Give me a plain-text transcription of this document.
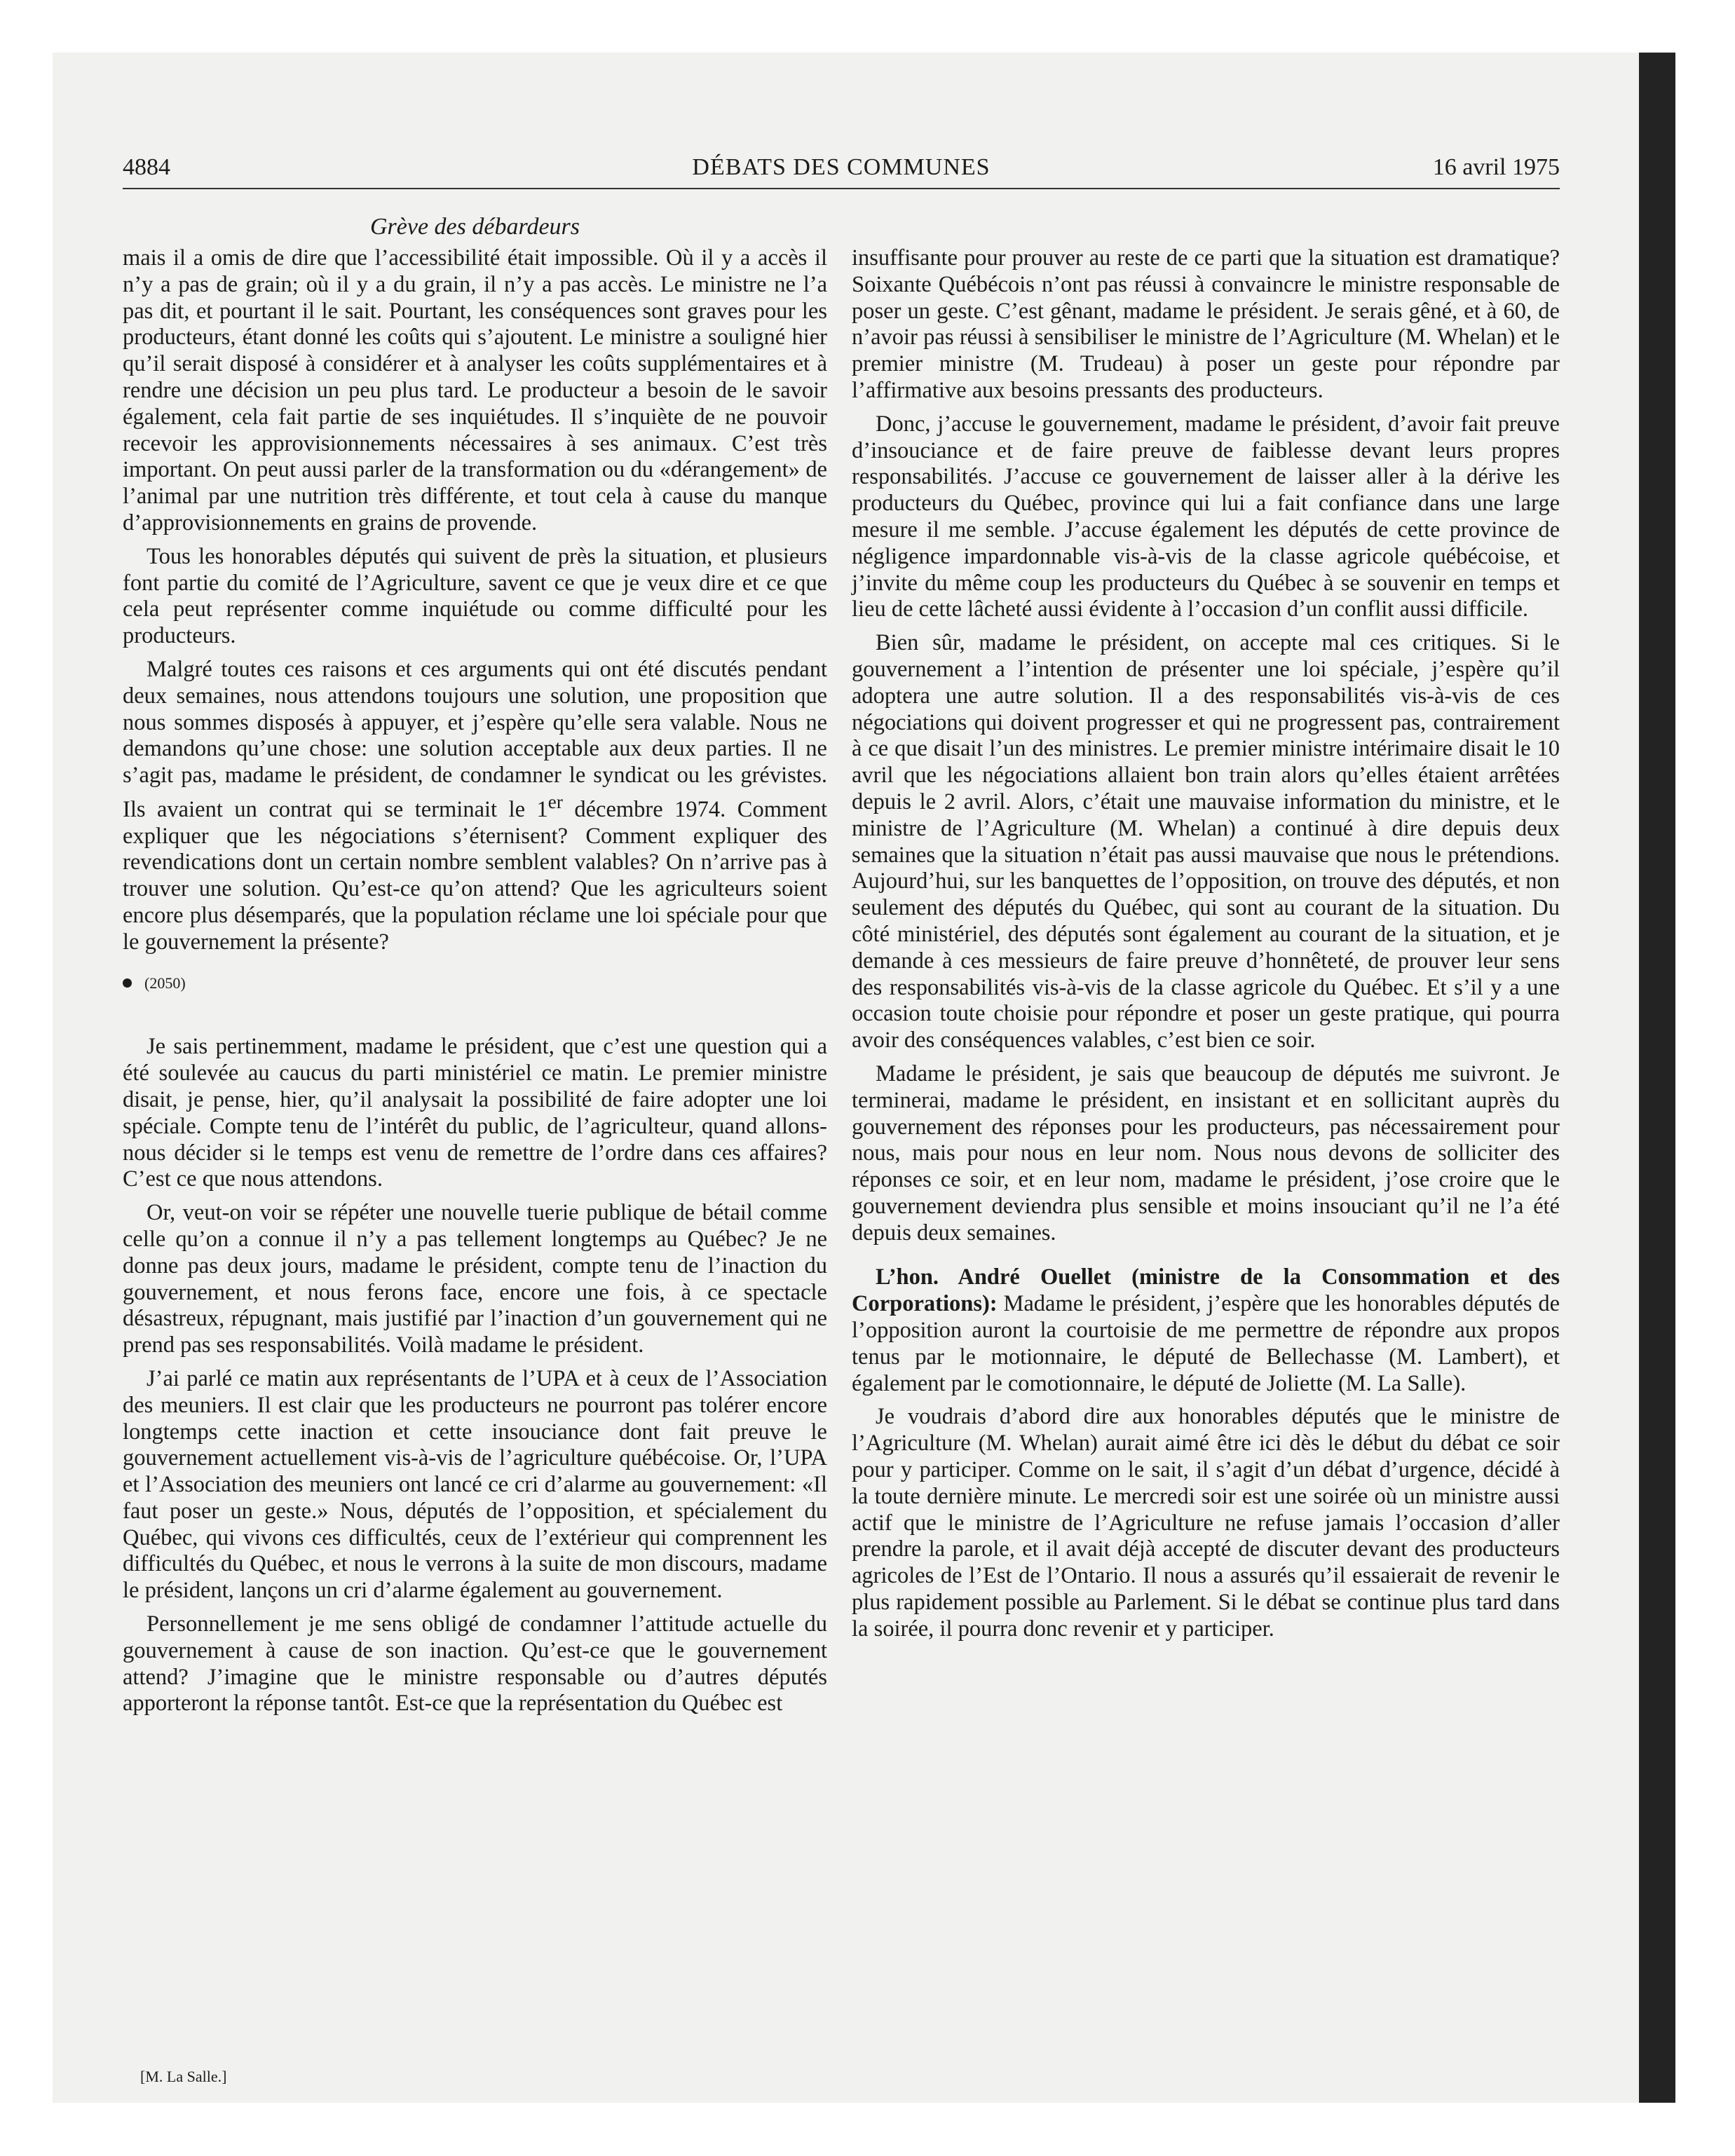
4884	DÉBATS DES COMMUNES	16 avril 1975
Grève des débardeurs

mais il a omis de dire que l’accessibilité était impossible. Où il y a accès il n’y a pas de grain; où il y a du grain, il n’y a pas accès. Le ministre ne l’a pas dit, et pourtant il le sait. Pourtant, les conséquences sont graves pour les producteurs, étant donné les coûts qui s’ajoutent. Le ministre a souligné hier qu’il serait disposé à considérer et à analyser les coûts supplémentaires et à rendre une décision un peu plus tard. Le producteur a besoin de le savoir également, cela fait partie de ses inquiétudes. Il s’inquiète de ne pouvoir recevoir les approvisionnements nécessaires à ses animaux. C’est très important. On peut aussi parler de la transformation ou du «dérangement» de l’animal par une nutrition très différente, et tout cela à cause du manque d’approvisionnements en grains de provende.

Tous les honorables députés qui suivent de près la situation, et plusieurs font partie du comité de l’Agriculture, savent ce que je veux dire et ce que cela peut représenter comme inquiétude ou comme difficulté pour les producteurs.

Malgré toutes ces raisons et ces arguments qui ont été discutés pendant deux semaines, nous attendons toujours une solution, une proposition que nous sommes disposés à appuyer, et j’espère qu’elle sera valable. Nous ne demandons qu’une chose: une solution acceptable aux deux parties. Il ne s’agit pas, madame le président, de condamner le syndicat ou les grévistes. Ils avaient un contrat qui se terminait le 1er décembre 1974. Comment expliquer que les négociations s’éternisent? Comment expliquer des revendications dont un certain nombre semblent valables? On n’arrive pas à trouver une solution. Qu’est-ce qu’on attend? Que les agriculteurs soient encore plus désemparés, que la population réclame une loi spéciale pour que le gouvernement la présente?

(2050)

Je sais pertinemment, madame le président, que c’est une question qui a été soulevée au caucus du parti ministériel ce matin. Le premier ministre disait, je pense, hier, qu’il analysait la possibilité de faire adopter une loi spéciale. Compte tenu de l’intérêt du public, de l’agriculteur, quand allons-nous décider si le temps est venu de remettre de l’ordre dans ces affaires? C’est ce que nous attendons.

Or, veut-on voir se répéter une nouvelle tuerie publique de bétail comme celle qu’on a connue il n’y a pas tellement longtemps au Québec? Je ne donne pas deux jours, madame le président, compte tenu de l’inaction du gouvernement, et nous ferons face, encore une fois, à ce spectacle désastreux, répugnant, mais justifié par l’inaction d’un gouvernement qui ne prend pas ses responsabilités. Voilà madame le président.

J’ai parlé ce matin aux représentants de l’UPA et à ceux de l’Association des meuniers. Il est clair que les producteurs ne pourront pas tolérer encore longtemps cette inaction et cette insouciance dont fait preuve le gouvernement actuellement vis-à-vis de l’agriculture québécoise. Or, l’UPA et l’Association des meuniers ont lancé ce cri d’alarme au gouvernement: «Il faut poser un geste.» Nous, députés de l’opposition, et spécialement du Québec, qui vivons ces difficultés, ceux de l’extérieur qui comprennent les difficultés du Québec, et nous le verrons à la suite de mon discours, madame le président, lançons un cri d’alarme également au gouvernement.

Personnellement je me sens obligé de condamner l’attitude actuelle du gouvernement à cause de son inaction. Qu’est-ce que le gouvernement attend? J’imagine que le ministre responsable ou d’autres députés apporteront la réponse tantôt. Est-ce que la représentation du Québec est

insuffisante pour prouver au reste de ce parti que la situation est dramatique? Soixante Québécois n’ont pas réussi à convaincre le ministre responsable de poser un geste. C’est gênant, madame le président. Je serais gêné, et à 60, de n’avoir pas réussi à sensibiliser le ministre de l’Agriculture (M. Whelan) et le premier ministre (M. Trudeau) à poser un geste pour répondre par l’affirmative aux besoins pressants des producteurs.

Donc, j’accuse le gouvernement, madame le président, d’avoir fait preuve d’insouciance et de faire preuve de faiblesse devant leurs propres responsabilités. J’accuse ce gouvernement de laisser aller à la dérive les producteurs du Québec, province qui lui a fait confiance dans une large mesure il me semble. J’accuse également les députés de cette province de négligence impardonnable vis-à-vis de la classe agricole québécoise, et j’invite du même coup les producteurs du Québec à se souvenir en temps et lieu de cette lâcheté aussi évidente à l’occasion d’un conflit aussi difficile.

Bien sûr, madame le président, on accepte mal ces critiques. Si le gouvernement a l’intention de présenter une loi spéciale, j’espère qu’il adoptera une autre solution. Il a des responsabilités vis-à-vis de ces négociations qui doivent progresser et qui ne progressent pas, contrairement à ce que disait l’un des ministres. Le premier ministre intérimaire disait le 10 avril que les négociations allaient bon train alors qu’elles étaient arrêtées depuis le 2 avril. Alors, c’était une mauvaise information du ministre, et le ministre de l’Agriculture (M. Whelan) a continué à dire depuis deux semaines que la situation n’était pas aussi mauvaise que nous le prétendions. Aujourd’hui, sur les banquettes de l’opposition, on trouve des députés, et non seulement des députés du Québec, qui sont au courant de la situation. Du côté ministériel, des députés sont également au courant de la situation, et je demande à ces messieurs de faire preuve d’honnêteté, de prouver leur sens des responsabilités vis-à-vis de la classe agricole du Québec. Et s’il y a une occasion toute choisie pour répondre et poser un geste pratique, qui pourra avoir des conséquences valables, c’est bien ce soir.

Madame le président, je sais que beaucoup de députés me suivront. Je terminerai, madame le président, en insistant et en sollicitant auprès du gouvernement des réponses pour les producteurs, pas nécessairement pour nous, mais pour nous en leur nom. Nous nous devons de solliciter des réponses ce soir, et en leur nom, madame le président, j’ose croire que le gouvernement deviendra plus sensible et moins insouciant qu’il ne l’a été depuis deux semaines.

L’hon. André Ouellet (ministre de la Consommation et des Corporations): Madame le président, j’espère que les honorables députés de l’opposition auront la courtoisie de me permettre de répondre aux propos tenus par le motionnaire, le député de Bellechasse (M. Lambert), et également par le comotionnaire, le député de Joliette (M. La Salle).

Je voudrais d’abord dire aux honorables députés que le ministre de l’Agriculture (M. Whelan) aurait aimé être ici dès le début du débat ce soir pour y participer. Comme on le sait, il s’agit d’un débat d’urgence, décidé à la toute dernière minute. Le mercredi soir est une soirée où un ministre aussi actif que le ministre de l’Agriculture ne refuse jamais l’occasion d’aller prendre la parole, et il avait déjà accepté de discuter devant des producteurs agricoles de l’Est de l’Ontario. Il nous a assurés qu’il essaierait de revenir le plus rapidement possible au Parlement. Si le débat se continue plus tard dans la soirée, il pourra donc revenir et y participer.

[M. La Salle.]
